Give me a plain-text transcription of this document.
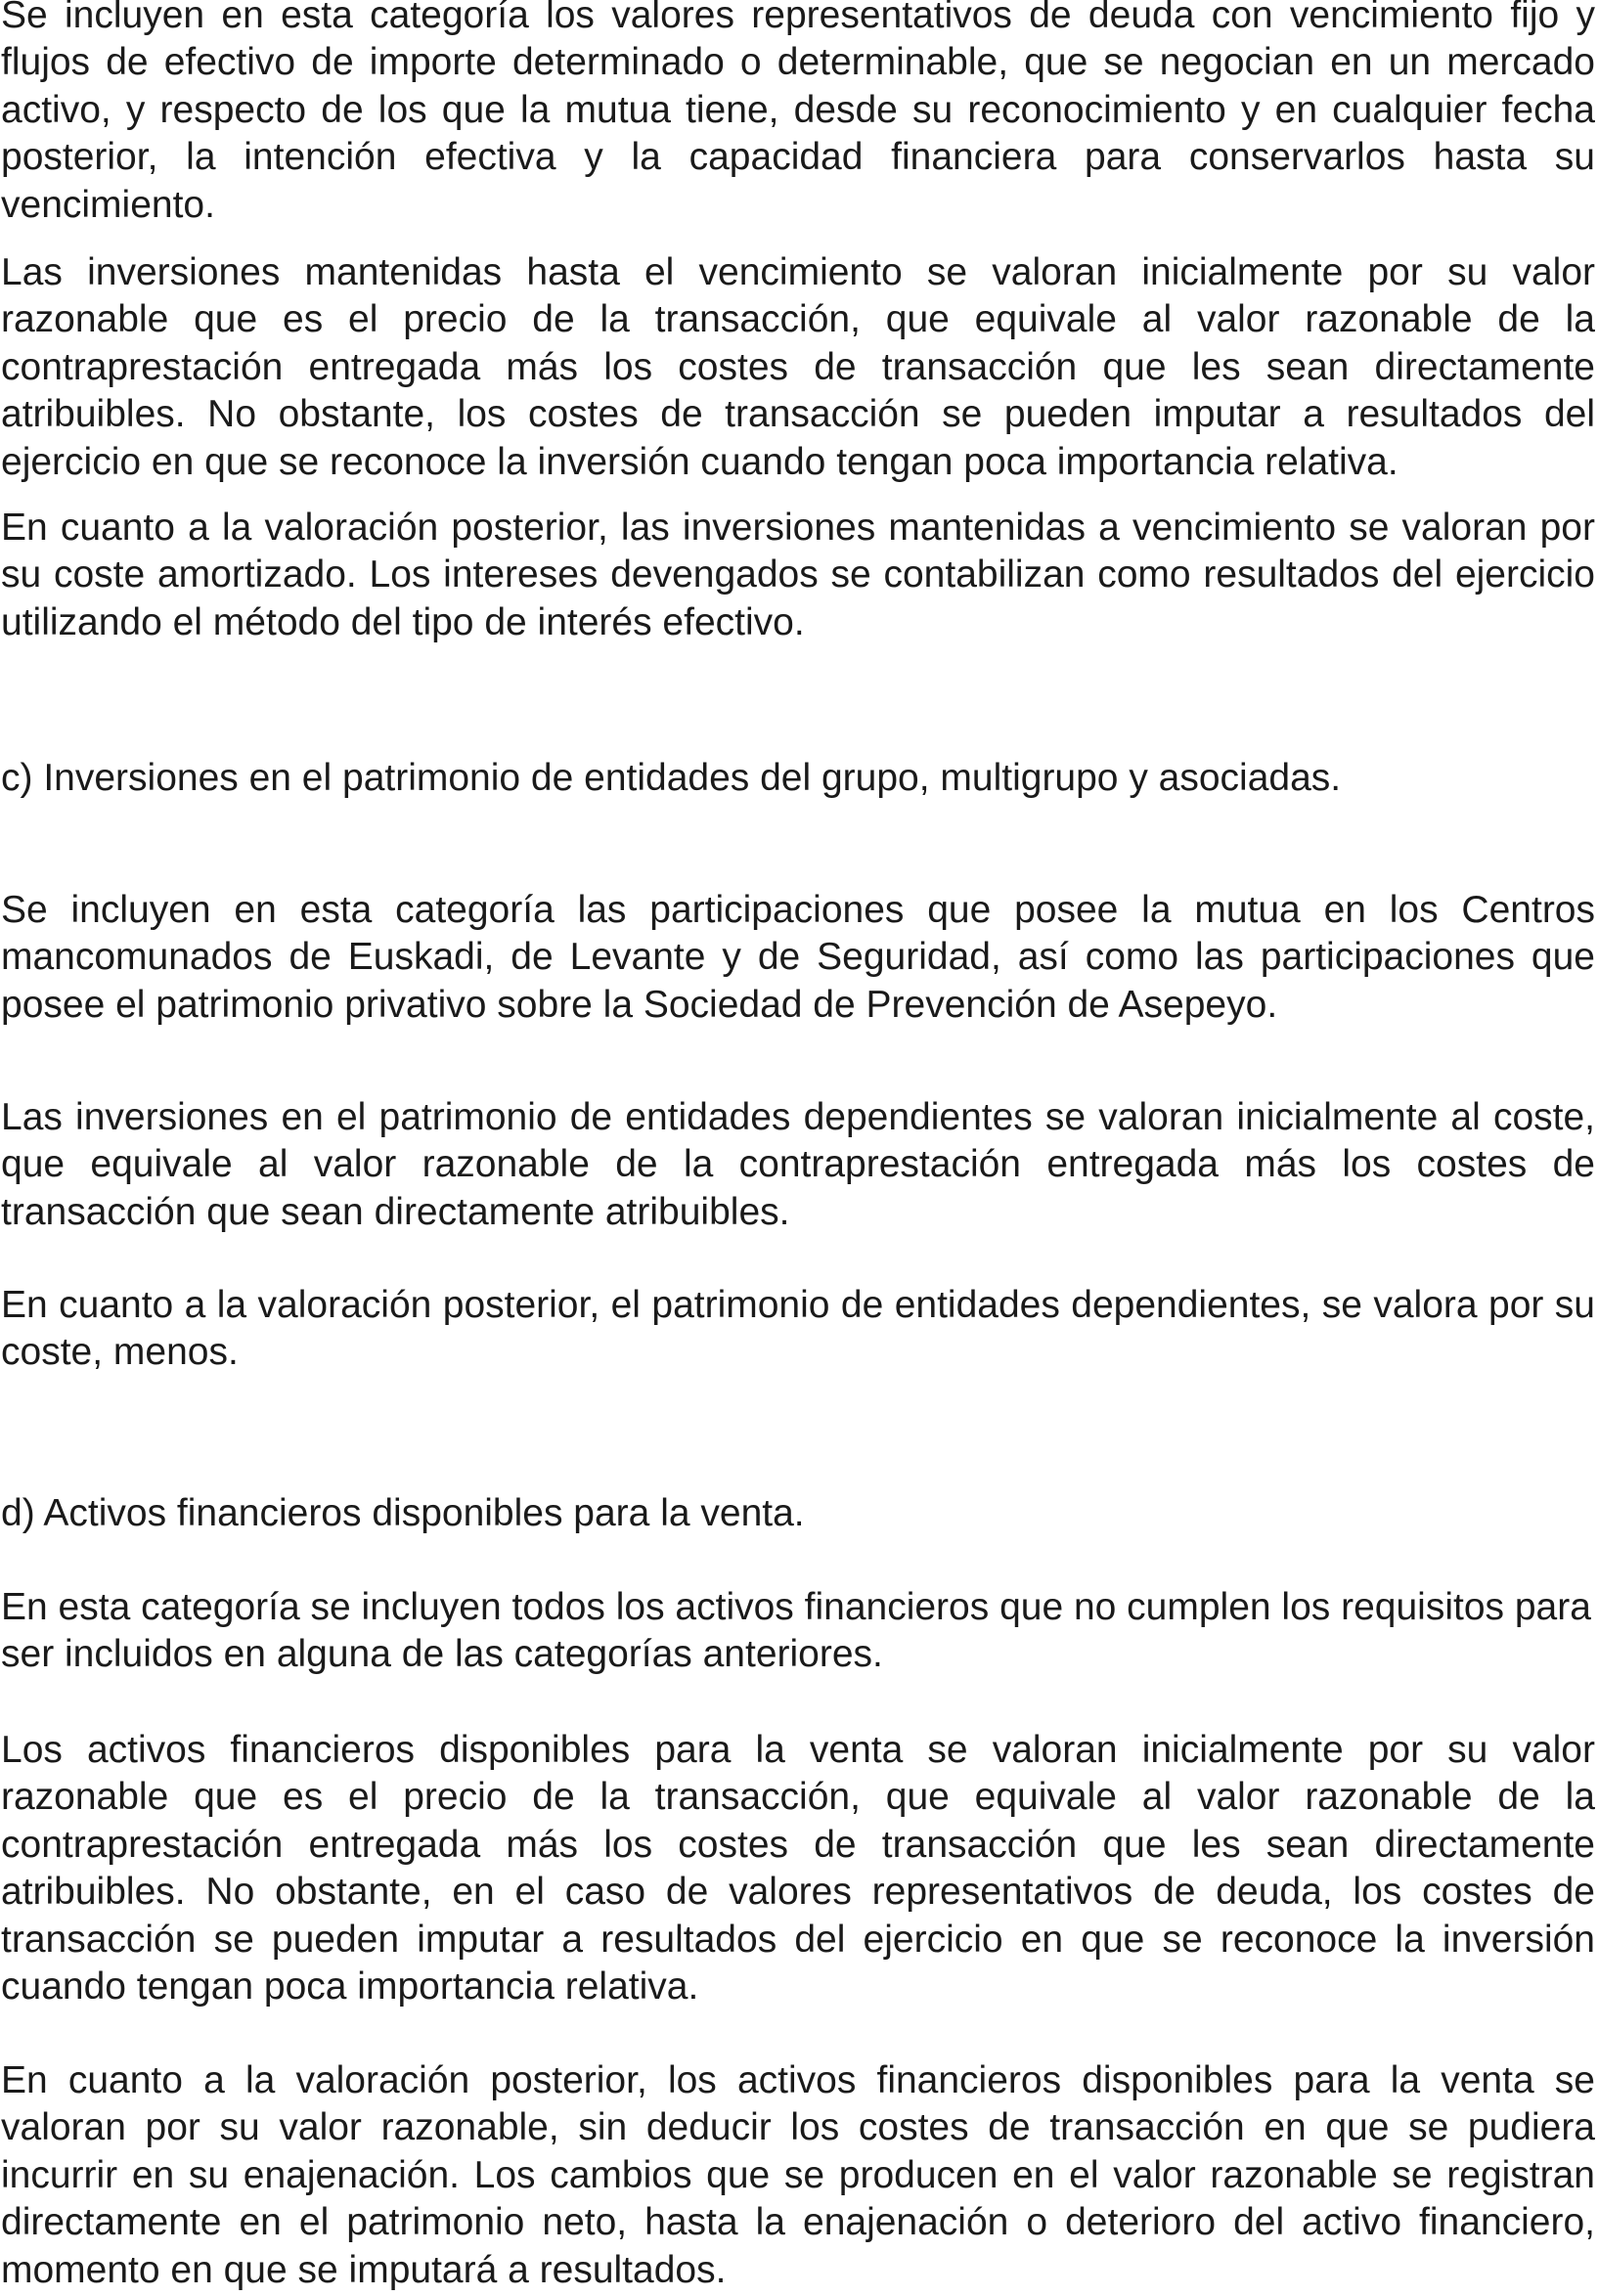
Se incluyen en esta categoría los valores representativos de deuda con vencimiento fijo y flujos de efectivo de importe determinado o determinable, que se negocian en un mercado activo, y respecto de los que la mutua tiene, desde su reconocimiento y en cualquier fecha posterior, la intención efectiva y la capacidad financiera para conservarlos hasta su vencimiento.

Las inversiones mantenidas hasta el vencimiento se valoran inicialmente por su valor razonable que es el precio de la transacción, que equivale al valor razonable de la contraprestación entregada más los costes de transacción que les sean directamente atribuibles. No obstante, los costes de transacción se pueden imputar a resultados del ejercicio en que se reconoce la inversión cuando tengan poca importancia relativa.

En cuanto a la valoración posterior, las inversiones mantenidas a vencimiento se valoran por su coste amortizado. Los intereses devengados se contabilizan como resultados del ejercicio utilizando el método del tipo de interés efectivo.

c) Inversiones en el patrimonio de entidades del grupo, multigrupo y asociadas.

Se incluyen en esta categoría las participaciones que posee la mutua en los Centros mancomunados de Euskadi, de Levante y de Seguridad, así como las participaciones que posee el patrimonio privativo sobre la Sociedad de Prevención de Asepeyo.

Las inversiones en el patrimonio de entidades dependientes se valoran inicialmente al coste, que equivale al valor razonable de la contraprestación entregada más los costes de transacción que sean directamente atribuibles.

En cuanto a la valoración posterior, el patrimonio de entidades dependientes, se valora por su coste, menos.

d) Activos financieros disponibles para la venta.

En esta categoría se incluyen todos los activos financieros que no cumplen los requisitos para ser incluidos en alguna de las categorías anteriores.

Los activos financieros disponibles para la venta se valoran inicialmente por su valor razonable que es el precio de la transacción, que equivale al valor razonable de la contraprestación entregada más los costes de transacción que les sean directamente atribuibles. No obstante, en el caso de valores representativos de deuda, los costes de transacción se pueden imputar a resultados del ejercicio en que se reconoce la inversión cuando tengan poca importancia relativa.

En cuanto a la valoración posterior, los activos financieros disponibles para la venta se valoran por su valor razonable, sin deducir los costes de transacción en que se pudiera incurrir en su enajenación. Los cambios que se producen en el valor razonable se registran directamente en el patrimonio neto, hasta la enajenación o deterioro del activo financiero, momento en que se imputará a resultados.
